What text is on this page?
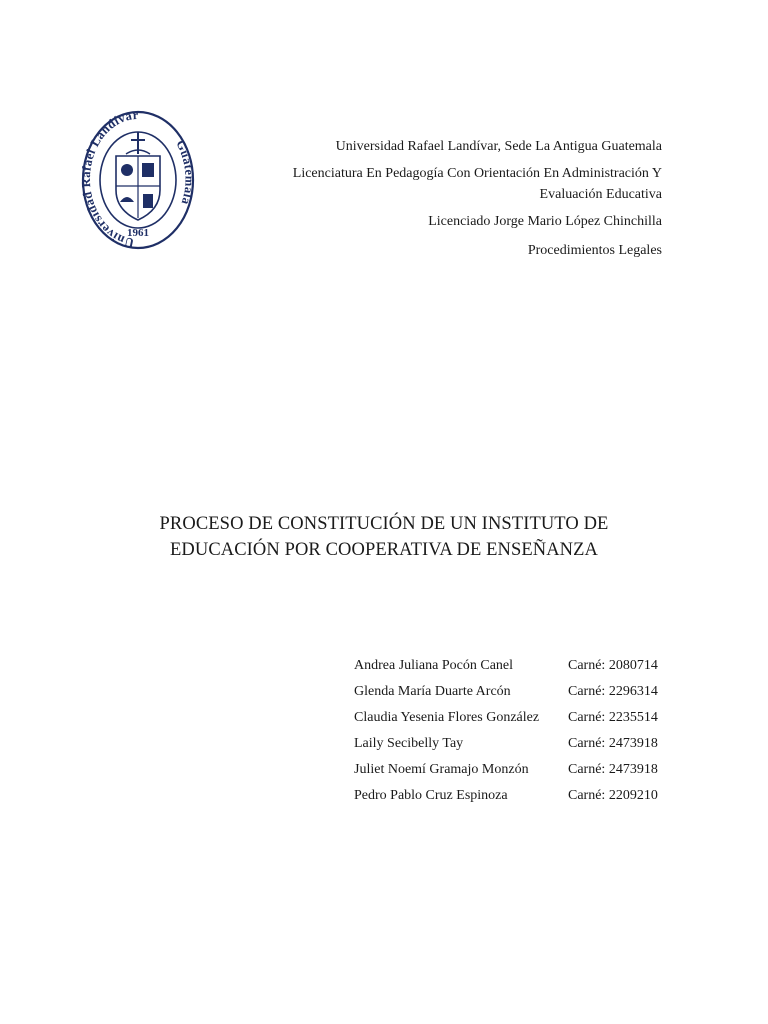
Universidad Rafael Landívar
Guatemala
1961

Universidad Rafael Landívar, Sede La Antigua Guatemala

Licenciatura En Pedagogía Con Orientación En Administración Y

Evaluación Educativa

Licenciado Jorge Mario López Chinchilla

Procedimientos Legales

PROCESO DE CONSTITUCIÓN DE UN INSTITUTO DE
EDUCACIÓN POR COOPERATIVA DE ENSEÑANZA
Andrea Juliana Pocón Canel	Carné: 2080714
Glenda María Duarte Arcón	Carné: 2296314
Claudia Yesenia Flores González	Carné: 2235514
Laily Secibelly Tay	Carné: 2473918
Juliet Noemí Gramajo Monzón	Carné: 2473918
Pedro Pablo Cruz Espinoza	Carné: 2209210
